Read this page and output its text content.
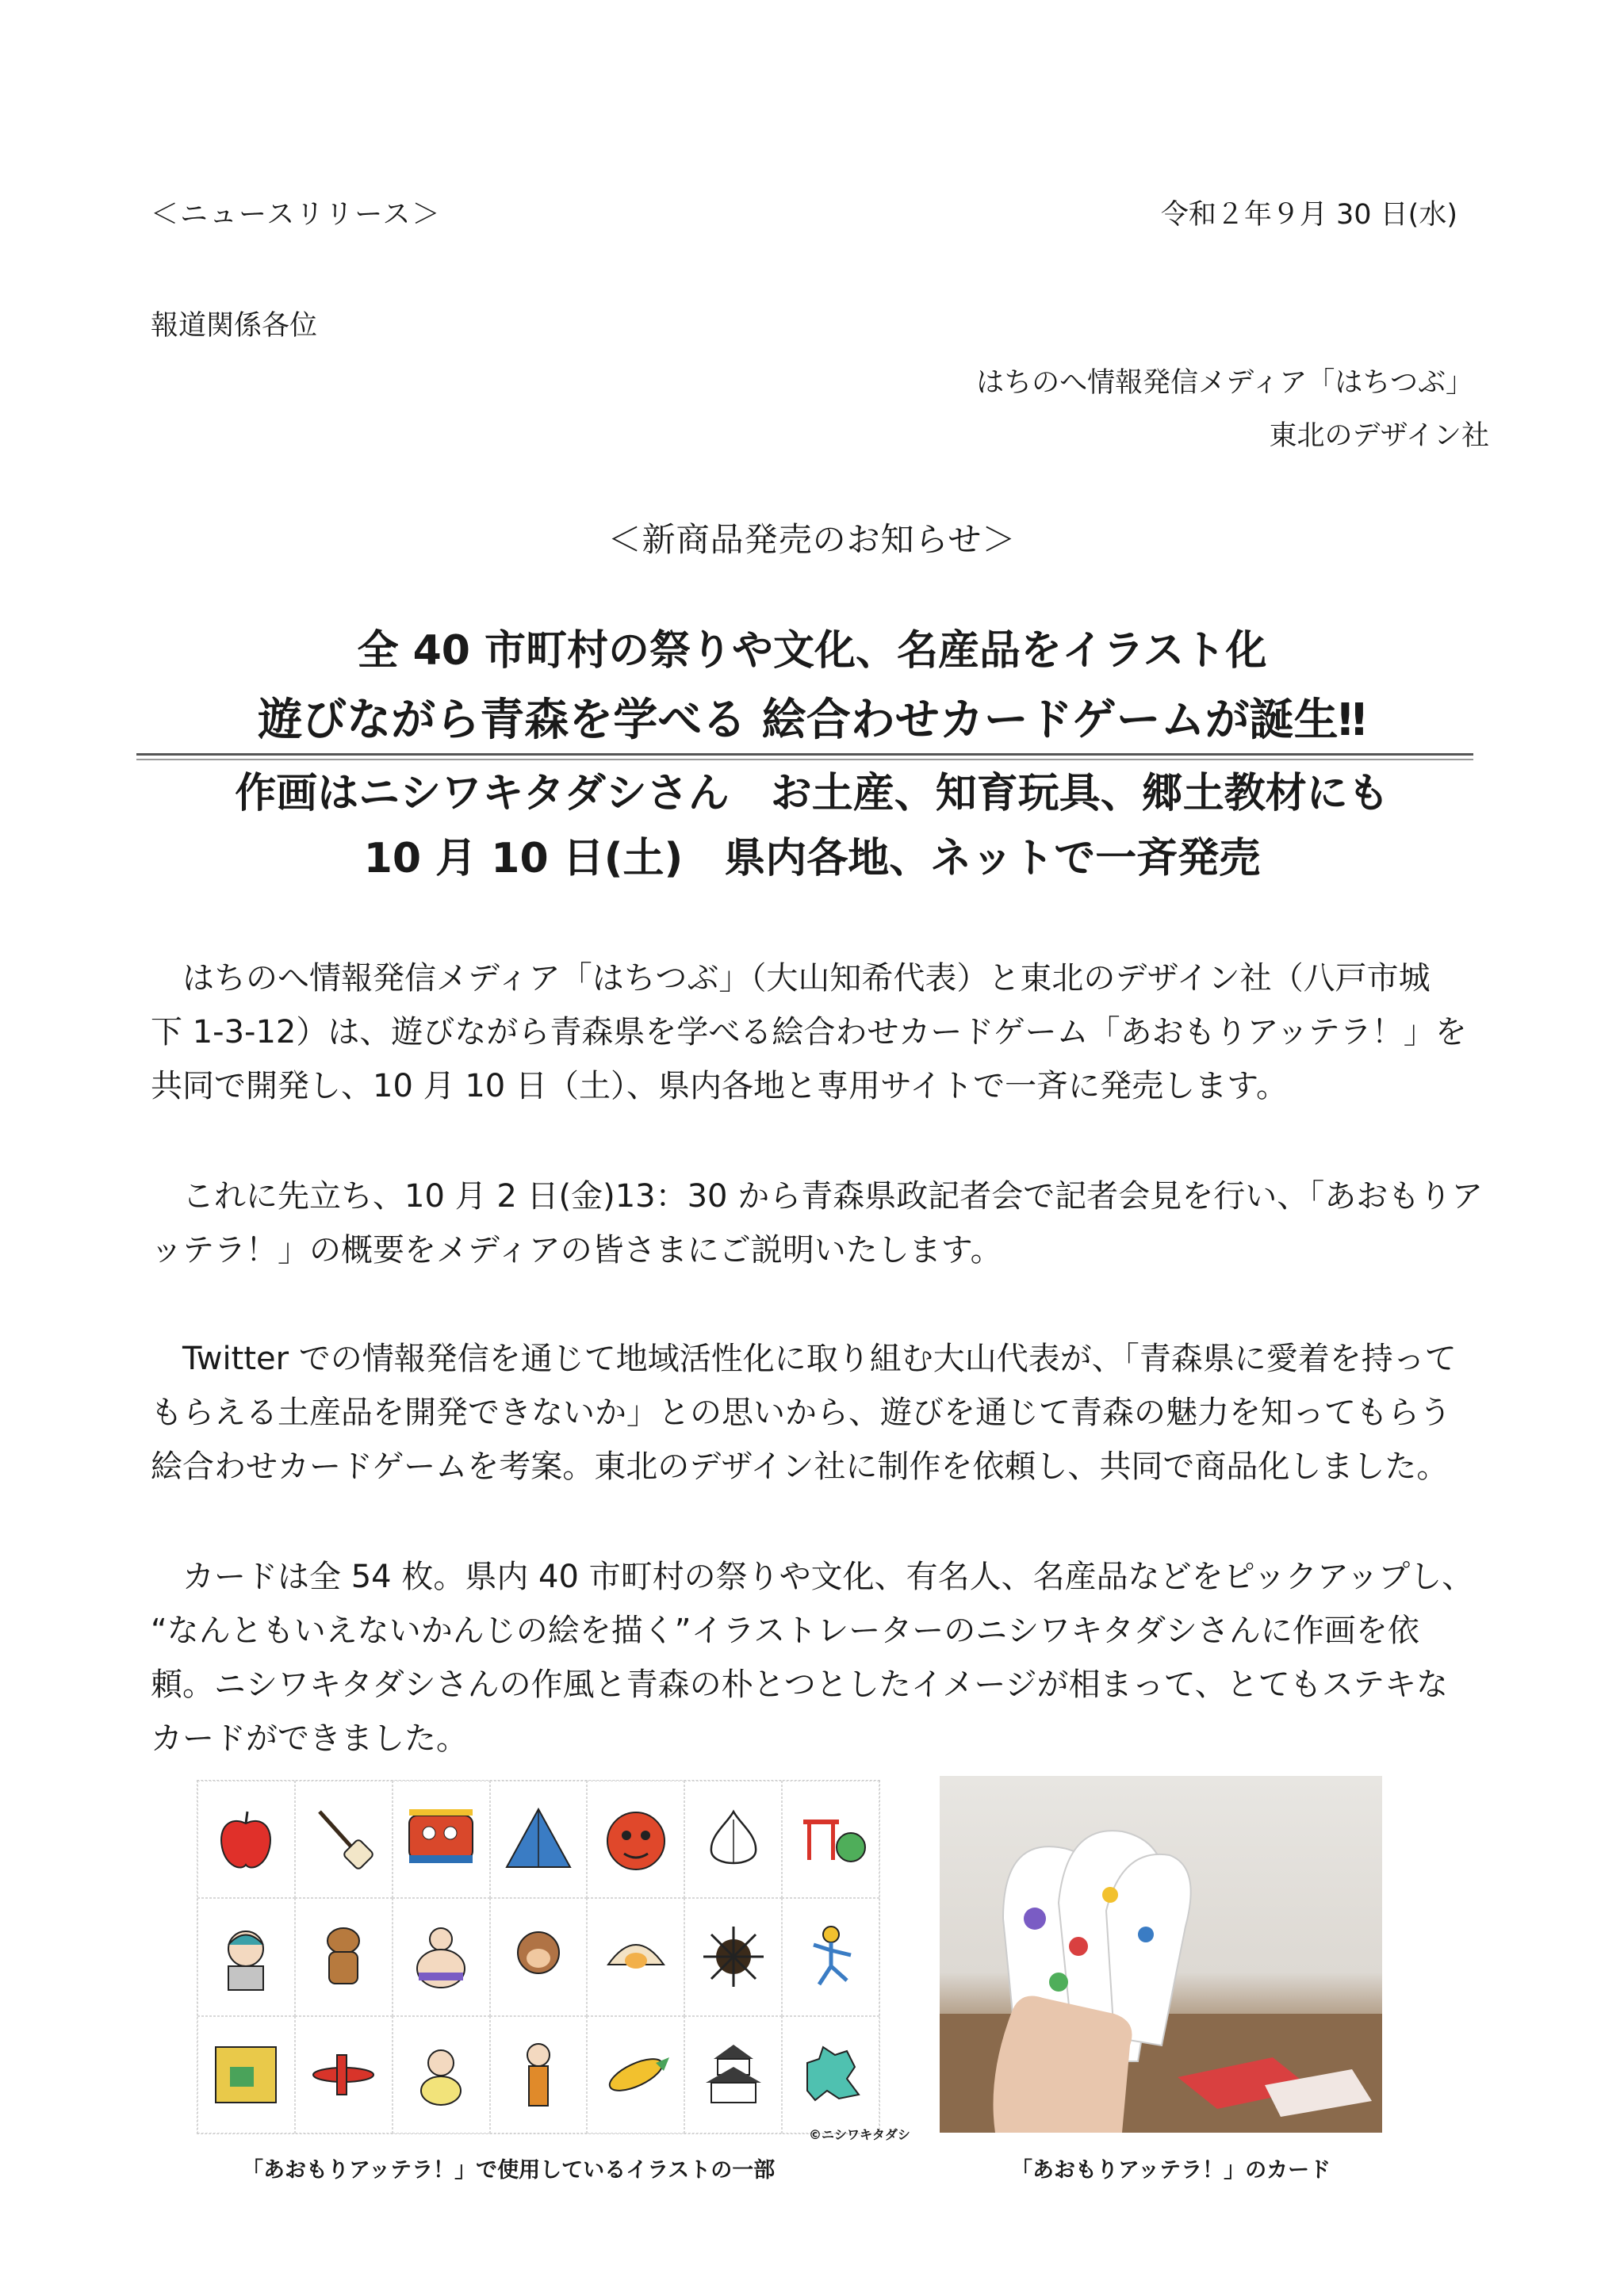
＜ニュースリリース＞	令和２年９月 30 日(水)
報道関係各位
はちのへ情報発信メディア「はちつぶ」
東北のデザイン社
＜新商品発売のお知らせ＞
全 40 市町村の祭りや文化、名産品をイラスト化
遊びながら青森を学べる 絵合わせカードゲームが誕生‼
作画はニシワキタダシさん　お土産、知育玩具、郷土教材にも
10 月 10 日(土)　県内各地、ネットで一斉発売
　はちのへ情報発信メディア「はちつぶ」（大山知希代表）と東北のデザイン社（八戸市城
下 1-3-12）は、遊びながら青森県を学べる絵合わせカードゲーム「あおもりアッテラ！」を
共同で開発し、10 月 10 日（土）、県内各地と専用サイトで一斉に発売します。
　これに先立ち、10 月 2 日(金)13：30 から青森県政記者会で記者会見を行い、「あおもりア
ッテラ！」の概要をメディアの皆さまにご説明いたします。
　Twitter での情報発信を通じて地域活性化に取り組む大山代表が、「青森県に愛着を持って
もらえる土産品を開発できないか」との思いから、遊びを通じて青森の魅力を知ってもらう
絵合わせカードゲームを考案。東北のデザイン社に制作を依頼し、共同で商品化しました。
　カードは全 54 枚。県内 40 市町村の祭りや文化、有名人、名産品などをピックアップし、
“なんともいえないかんじの絵を描く”イラストレーターのニシワキタダシさんに作画を依
頼。ニシワキタダシさんの作風と青森の朴とつとしたイメージが相まって、とてもステキな
カードができました。
©ニシワキタダシ
「あおもりアッテラ！」で使用しているイラストの一部	「あおもりアッテラ！」のカード
